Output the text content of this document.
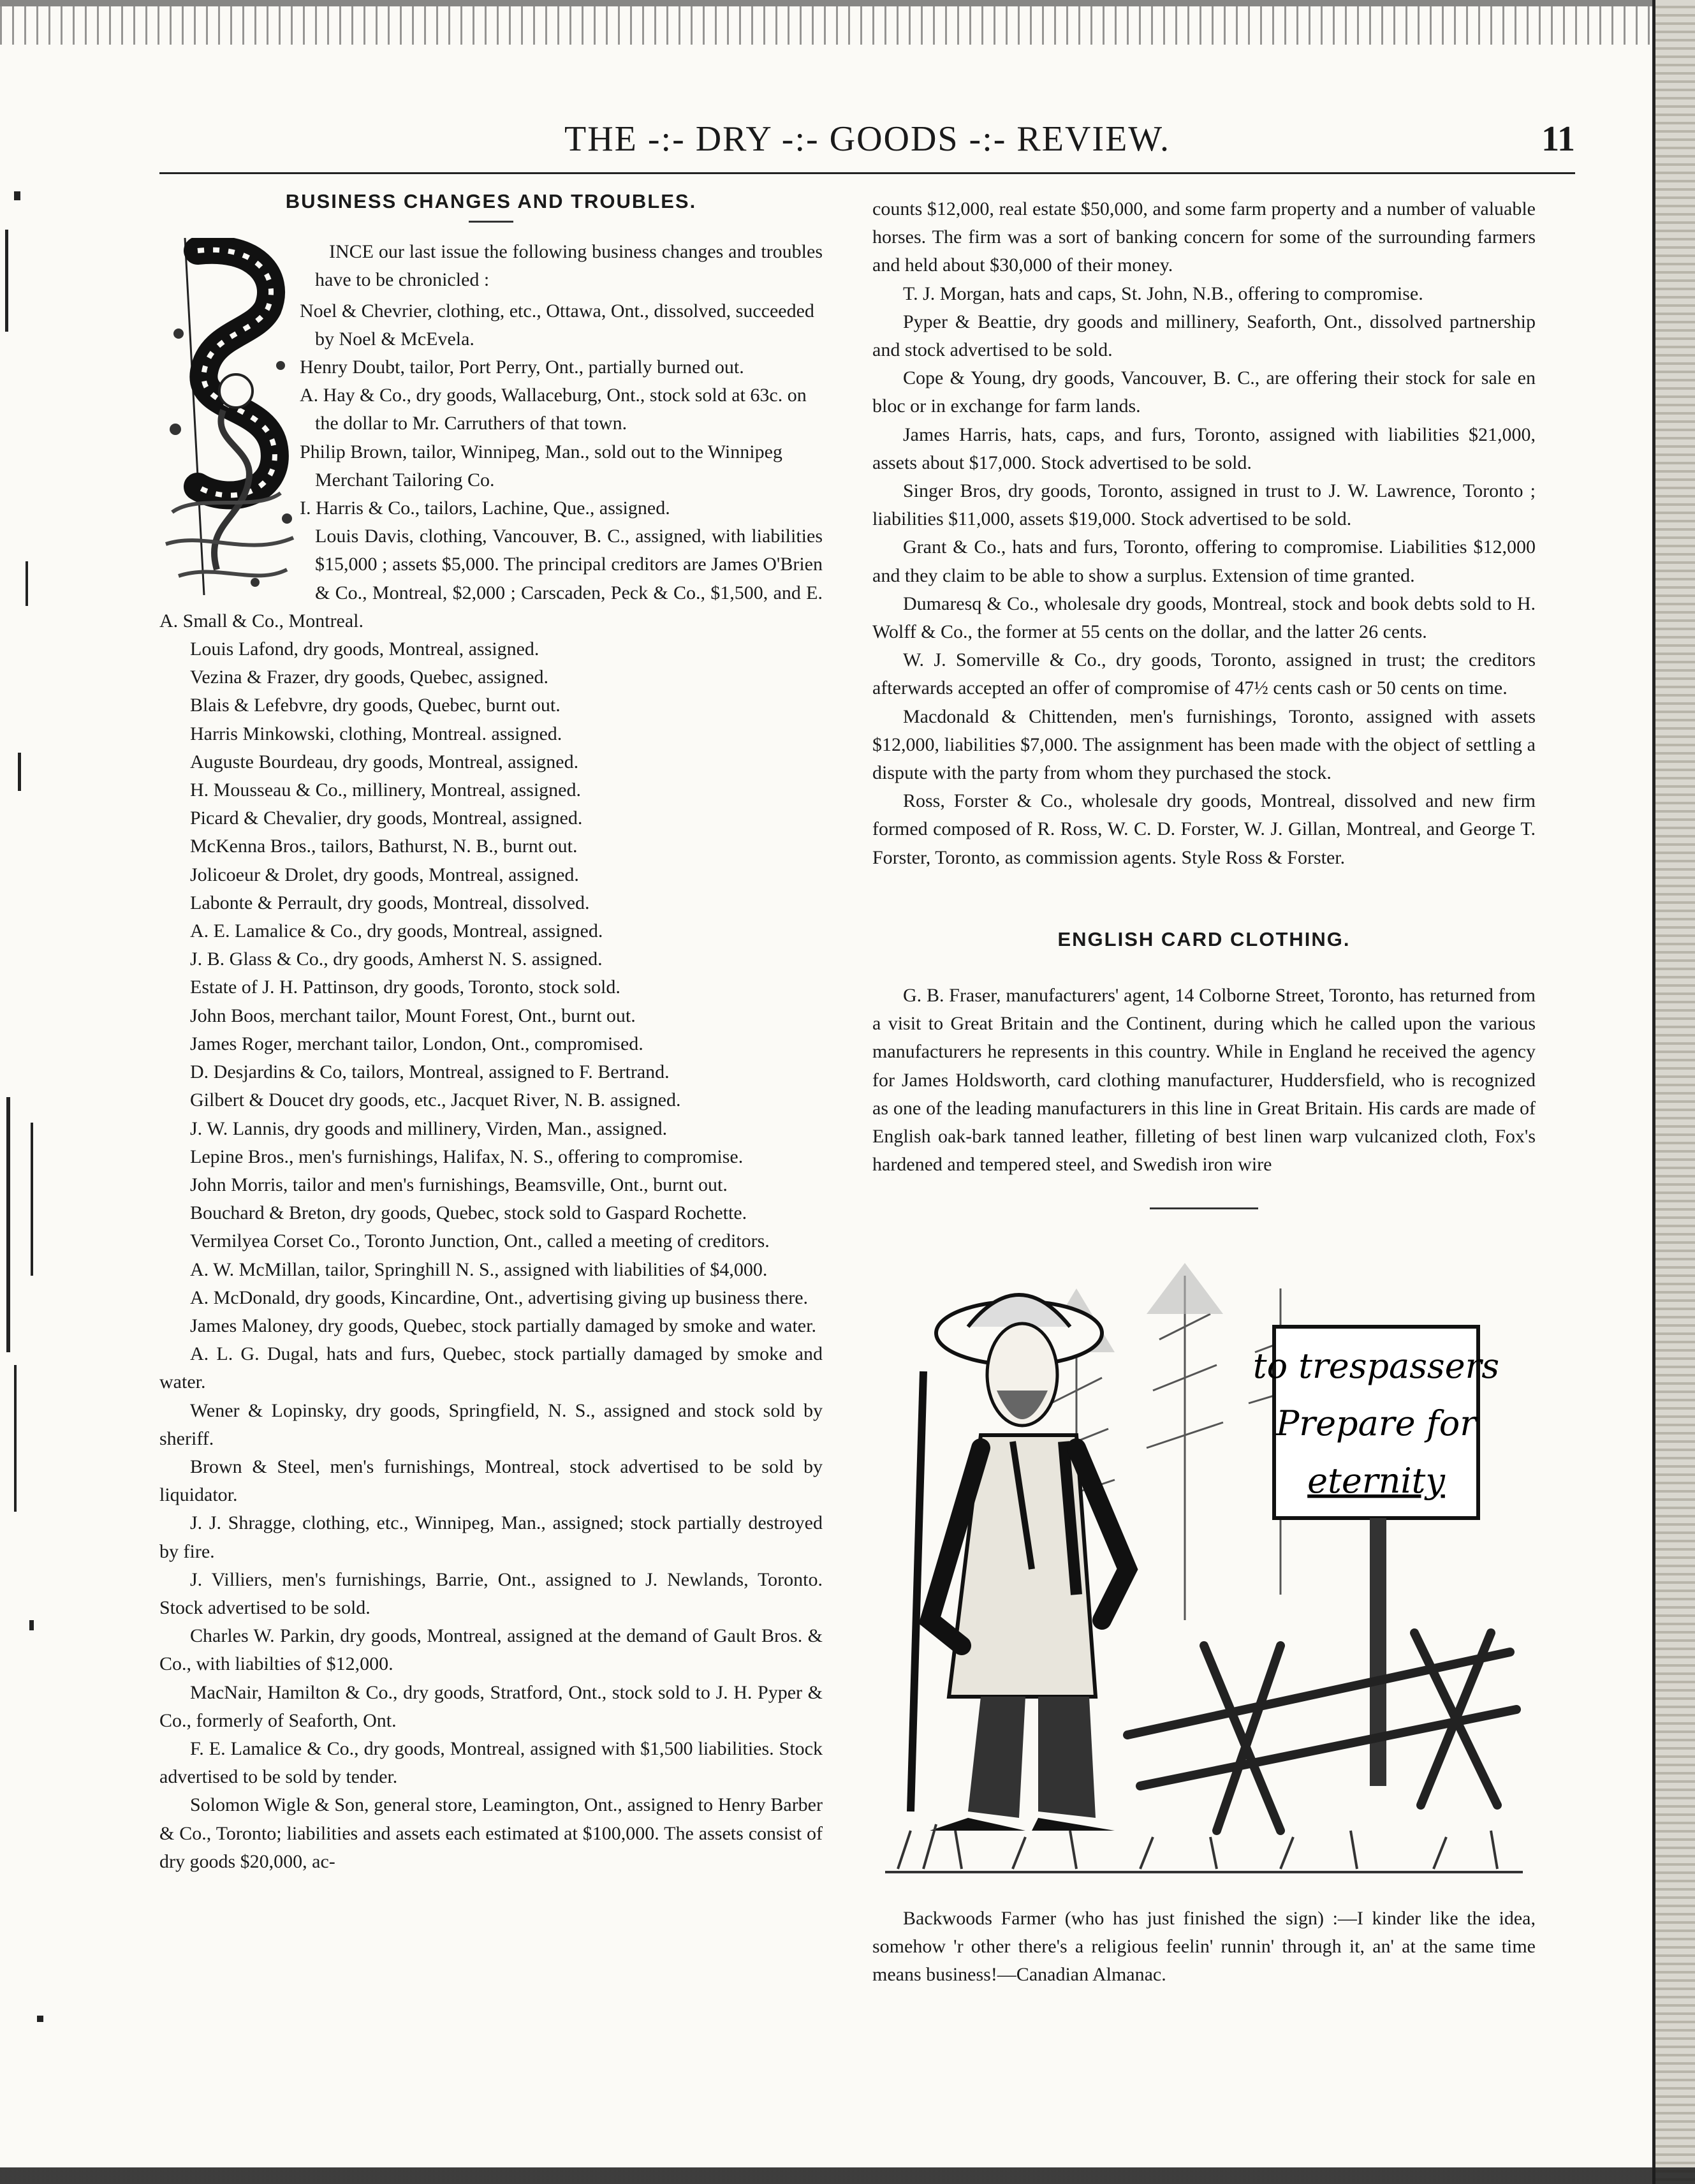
THE -:- DRY -:- GOODS -:- REVIEW.	11
BUSINESS CHANGES AND TROUBLES.

INCE our last issue the following business changes and troubles have to be chronicled :

Noel & Chevrier, clothing, etc., Ottawa, Ont., dissolved, succeeded by Noel & McEvela.

Henry Doubt, tailor, Port Perry, Ont., partially burned out.

A. Hay & Co., dry goods, Wallaceburg, Ont., stock sold at 63c. on the dollar to Mr. Carruthers of that town.

Philip Brown, tailor, Winnipeg, Man., sold out to the Winnipeg Merchant Tailoring Co.

I. Harris & Co., tailors, Lachine, Que., assigned.

Louis Davis, clothing, Vancouver, B. C., assigned, with liabilities $15,000 ; assets $5,000. The principal creditors are James O'Brien & Co., Montreal, $2,000 ; Carscaden, Peck & Co., $1,500, and E. A. Small & Co., Montreal.

Louis Lafond, dry goods, Montreal, assigned.

Vezina & Frazer, dry goods, Quebec, assigned.

Blais & Lefebvre, dry goods, Quebec, burnt out.

Harris Minkowski, clothing, Montreal. assigned.

Auguste Bourdeau, dry goods, Montreal, assigned.

H. Mousseau & Co., millinery, Montreal, assigned.

Picard & Chevalier, dry goods, Montreal, assigned.

McKenna Bros., tailors, Bathurst, N. B., burnt out.

Jolicoeur & Drolet, dry goods, Montreal, assigned.

Labonte & Perrault, dry goods, Montreal, dissolved.

A. E. Lamalice & Co., dry goods, Montreal, assigned.

J. B. Glass & Co., dry goods, Amherst N. S. assigned.

Estate of J. H. Pattinson, dry goods, Toronto, stock sold.

John Boos, merchant tailor, Mount Forest, Ont., burnt out.

James Roger, merchant tailor, London, Ont., compromised.

D. Desjardins & Co, tailors, Montreal, assigned to F. Bertrand.

Gilbert & Doucet dry goods, etc., Jacquet River, N. B. assigned.

J. W. Lannis, dry goods and millinery, Virden, Man., assigned.

Lepine Bros., men's furnishings, Halifax, N. S., offering to compromise.

John Morris, tailor and men's furnishings, Beamsville, Ont., burnt out.

Bouchard & Breton, dry goods, Quebec, stock sold to Gaspard Rochette.

Vermilyea Corset Co., Toronto Junction, Ont., called a meeting of creditors.

A. W. McMillan, tailor, Springhill N. S., assigned with liabilities of $4,000.

A. McDonald, dry goods, Kincardine, Ont., advertising giving up business there.

James Maloney, dry goods, Quebec, stock partially damaged by smoke and water.

A. L. G. Dugal, hats and furs, Quebec, stock partially damaged by smoke and water.

Wener & Lopinsky, dry goods, Springfield, N. S., assigned and stock sold by sheriff.

Brown & Steel, men's furnishings, Montreal, stock advertised to be sold by liquidator.

J. J. Shragge, clothing, etc., Winnipeg, Man., assigned; stock partially destroyed by fire.

J. Villiers, men's furnishings, Barrie, Ont., assigned to J. Newlands, Toronto. Stock advertised to be sold.

Charles W. Parkin, dry goods, Montreal, assigned at the demand of Gault Bros. & Co., with liabilties of $12,000.

MacNair, Hamilton & Co., dry goods, Stratford, Ont., stock sold to J. H. Pyper & Co., formerly of Seaforth, Ont.

F. E. Lamalice & Co., dry goods, Montreal, assigned with $1,500 liabilities. Stock advertised to be sold by tender.

Solomon Wigle & Son, general store, Leamington, Ont., assigned to Henry Barber & Co., Toronto; liabilities and assets each estimated at $100,000. The assets consist of dry goods $20,000, ac-

counts $12,000, real estate $50,000, and some farm property and a number of valuable horses. The firm was a sort of banking concern for some of the surrounding farmers and held about $30,000 of their money.

T. J. Morgan, hats and caps, St. John, N.B., offering to compromise.

Pyper & Beattie, dry goods and millinery, Seaforth, Ont., dissolved partnership and stock advertised to be sold.

Cope & Young, dry goods, Vancouver, B. C., are offering their stock for sale en bloc or in exchange for farm lands.

James Harris, hats, caps, and furs, Toronto, assigned with liabilities $21,000, assets about $17,000. Stock advertised to be sold.

Singer Bros, dry goods, Toronto, assigned in trust to J. W. Lawrence, Toronto ; liabilities $11,000, assets $19,000. Stock advertised to be sold.

Grant & Co., hats and furs, Toronto, offering to compromise. Liabilities $12,000 and they claim to be able to show a surplus. Extension of time granted.

Dumaresq & Co., wholesale dry goods, Montreal, stock and book debts sold to H. Wolff & Co., the former at 55 cents on the dollar, and the latter 26 cents.

W. J. Somerville & Co., dry goods, Toronto, assigned in trust; the creditors afterwards accepted an offer of compromise of 47½ cents cash or 50 cents on time.

Macdonald & Chittenden, men's furnishings, Toronto, assigned with assets $12,000, liabilities $7,000. The assignment has been made with the object of settling a dispute with the party from whom they purchased the stock.

Ross, Forster & Co., wholesale dry goods, Montreal, dissolved and new firm formed composed of R. Ross, W. C. D. Forster, W. J. Gillan, Montreal, and George T. Forster, Toronto, as commission agents. Style Ross & Forster.

ENGLISH CARD CLOTHING.

G. B. Fraser, manufacturers' agent, 14 Colborne Street, Toronto, has returned from a visit to Great Britain and the Continent, during which he called upon the various manufacturers he represents in this country. While in England he received the agency for James Holdsworth, card clothing manufacturer, Huddersfield, who is recognized as one of the leading manufacturers in this line in Great Britain. His cards are made of English oak-bark tanned leather, filleting of best linen warp vulcanized cloth, Fox's hardened and tempered steel, and Swedish iron wire

to trespassers
Prepare for
eternity

Backwoods Farmer (who has just finished the sign) :—I kinder like the idea, somehow 'r other there's a religious feelin' runnin' through it, an' at the same time means business!—Canadian Almanac.
